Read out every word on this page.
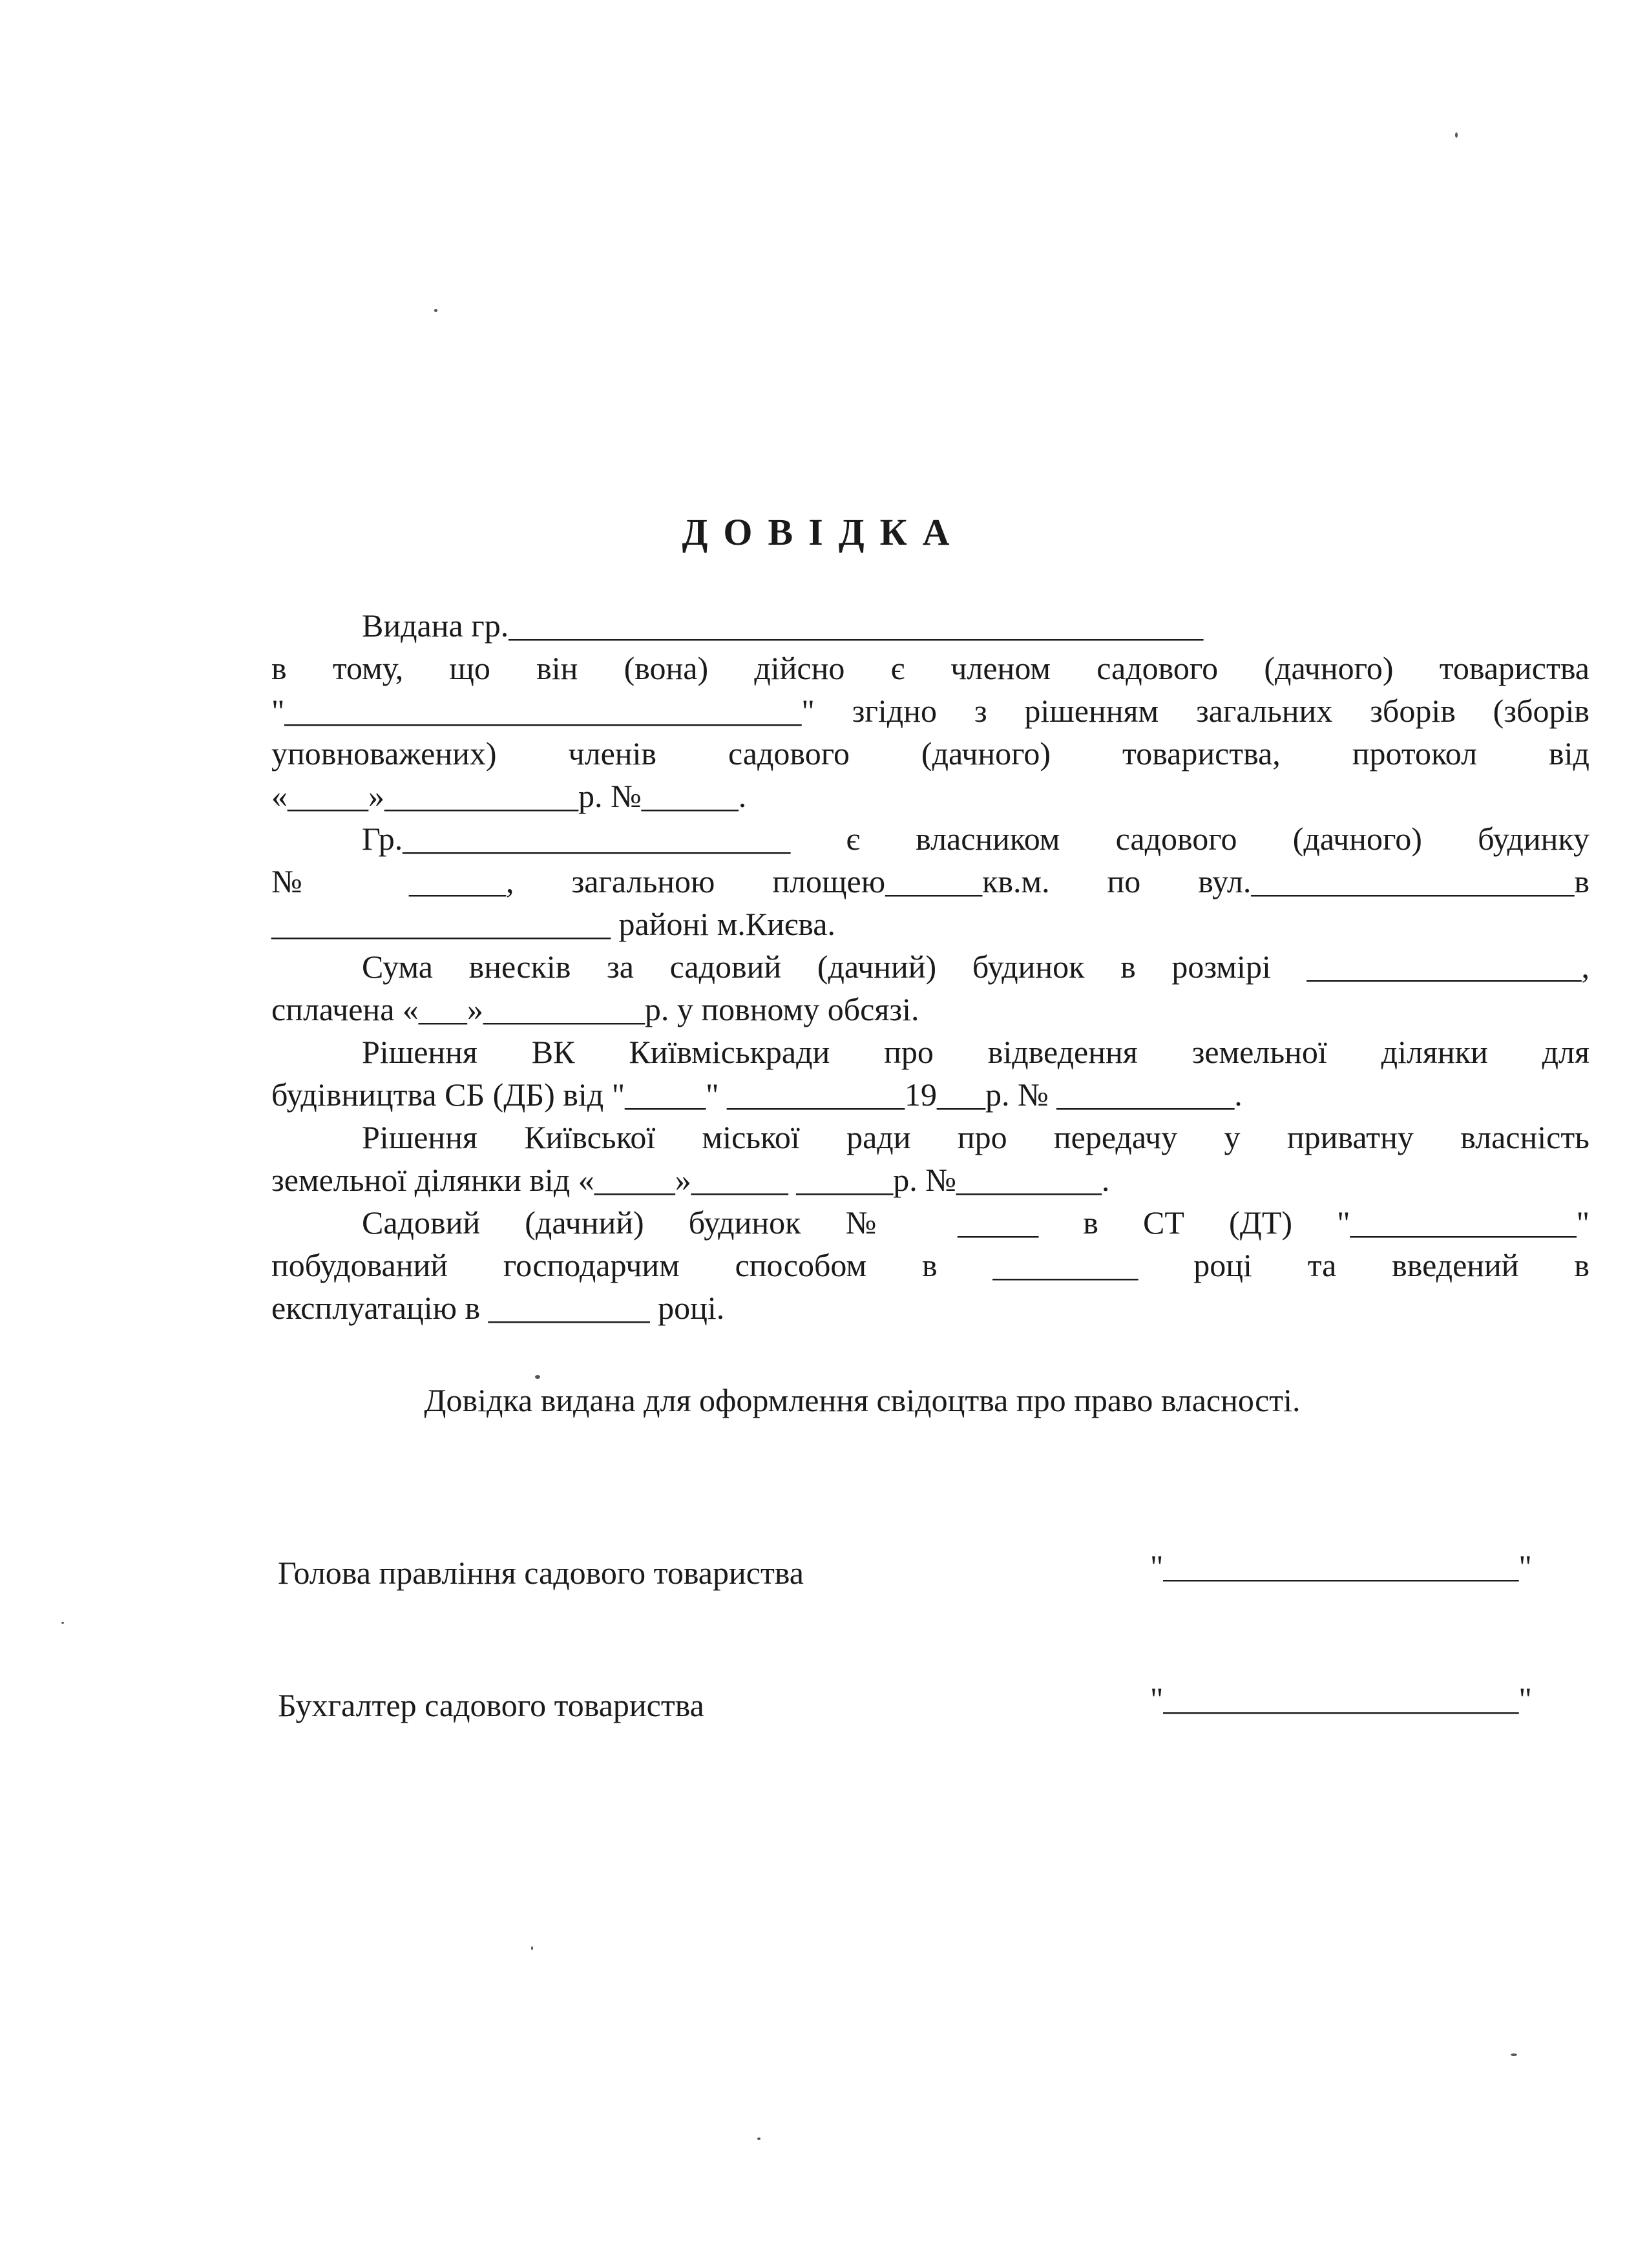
ДОВІДКА
Видана гр.___________________________________________
в тому, що він (вона) дійсно є членом садового (дачного) товариства
"________________________________" згідно з рішенням загальних зборів (зборів
уповноважених) членів садового (дачного) товариства, протокол від
«_____»____________р. №______.
Гр.________________________ є власником садового (дачного) будинку
№ ______, загальною площею______кв.м. по вул.____________________в
_____________________ районі м.Києва.
Сума внесків за садовий (дачний) будинок в розмірі _________________,
сплачена «___»__________р. у повному обсязі.
Рішення ВК Київміськради про відведення земельної ділянки для
будівництва СБ (ДБ) від "_____" ___________19___р. № ___________.
Рішення Київської міської ради про передачу у приватну власність
земельної ділянки від «_____»______ ______р. №_________.
Садовий (дачний) будинок № _____ в СТ (ДТ) "______________"
побудований господарчим способом в _________ році та введений в
експлуатацію в __________ році.
Довідка видана для оформлення свідоцтва про право власності.
Голова правління садового товариства	"______________________"
Бухгалтер садового товариства	"______________________"
